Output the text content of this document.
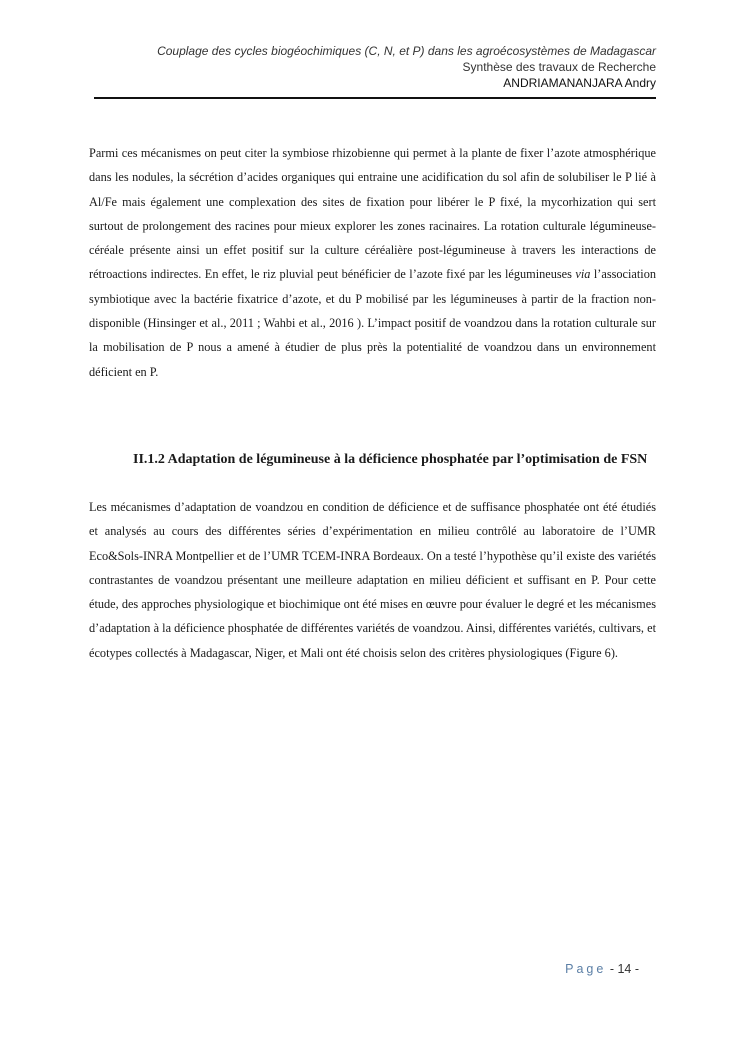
Couplage des cycles biogéochimiques (C, N, et P) dans les agroécosystèmes de Madagascar
Synthèse des travaux de Recherche
ANDRIAMANANJARA Andry

Parmi ces mécanismes on peut citer la symbiose rhizobienne qui permet à la plante de fixer l’azote atmosphérique dans les nodules, la sécrétion d’acides organiques qui entraine une acidification du sol afin de solubiliser le P lié à Al/Fe mais également une complexation des sites de fixation pour libérer le P fixé, la mycorhization qui sert surtout de prolongement des racines pour mieux explorer les zones racinaires. La rotation culturale légumineuse-céréale présente ainsi un effet positif sur la culture céréalière post-légumineuse à travers les interactions de rétroactions indirectes. En effet, le riz pluvial peut bénéficier de l’azote fixé par les légumineuses via l’association symbiotique avec la bactérie fixatrice d’azote, et du P mobilisé par les légumineuses à partir de la fraction non-disponible (Hinsinger et al., 2011 ; Wahbi et al., 2016 ). L’impact positif de voandzou dans la rotation culturale sur la mobilisation de P nous a amené à étudier de plus près la potentialité de voandzou dans un environnement déficient en P.

II.1.2 Adaptation de légumineuse à la déficience phosphatée par l’optimisation de FSN

Les mécanismes d’adaptation de voandzou en condition de déficience et de suffisance phosphatée ont été étudiés et analysés au cours des différentes séries d’expérimentation en milieu contrôlé au laboratoire de l’UMR Eco&Sols-INRA Montpellier et de l’UMR TCEM-INRA Bordeaux. On a testé l’hypothèse qu’il existe des variétés contrastantes de voandzou présentant une meilleure adaptation en milieu déficient et suffisant en P. Pour cette étude, des approches physiologique et biochimique ont été mises en œuvre pour évaluer le degré et les mécanismes d’adaptation à la déficience phosphatée de différentes variétés de voandzou. Ainsi, différentes variétés, cultivars, et écotypes collectés à Madagascar, Niger, et Mali ont été choisis selon des critères physiologiques (Figure 6).

Page - 14 -
